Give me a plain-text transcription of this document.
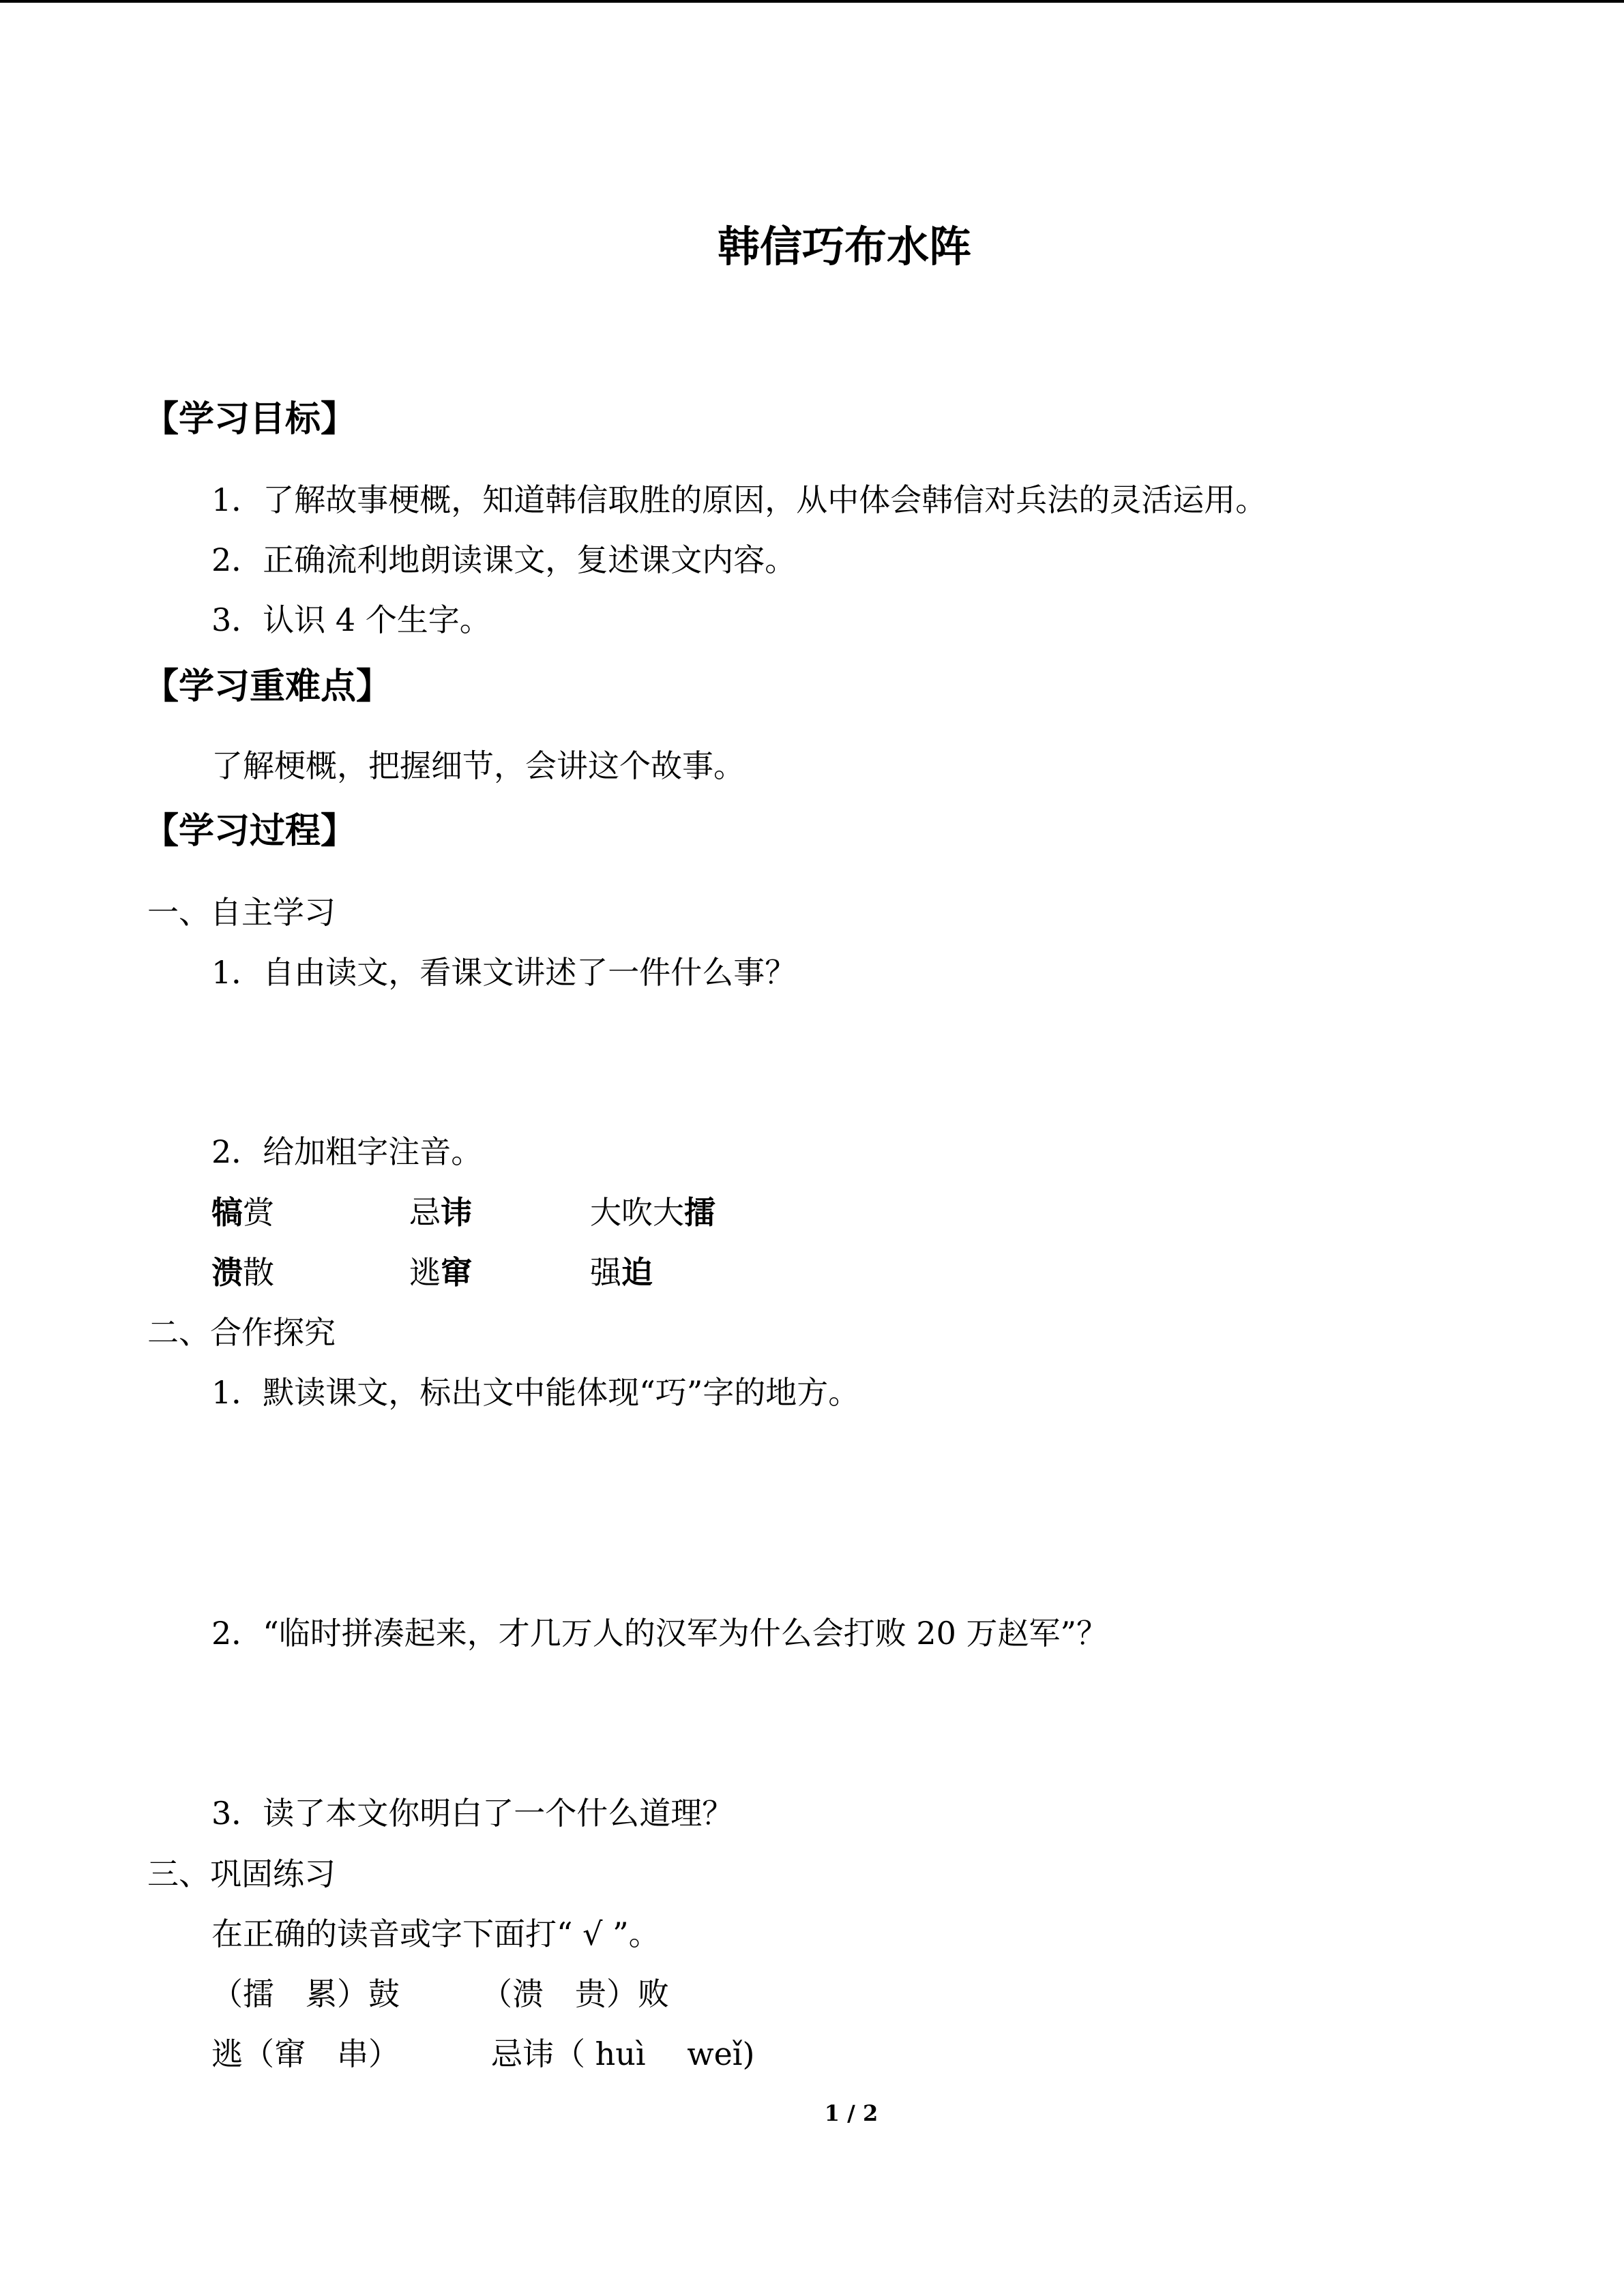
韩信巧布水阵
【学习目标】
1．了解故事梗概，知道韩信取胜的原因，从中体会韩信对兵法的灵活运用。
2．正确流利地朗读课文，复述课文内容。
3．认识 4 个生字。
【学习重难点】
了解梗概，把握细节，会讲这个故事。
【学习过程】
一、自主学习
1．自由读文，看课文讲述了一件什么事？
2．给加粗字注音。
犒赏	忌讳	大吹大擂
溃散	逃窜	强迫
二、合作探究
1．默读课文，标出文中能体现“巧”字的地方。
2．“临时拼凑起来，才几万人的汉军为什么会打败 20 万赵军”？
3．读了本文你明白了一个什么道理？
三、巩固练习
在正确的读音或字下面打“ √ ”。
（擂　累）鼓	（溃　贵）败
逃（窜　串）	忌讳（ huì　 weǐ)
1 / 2
